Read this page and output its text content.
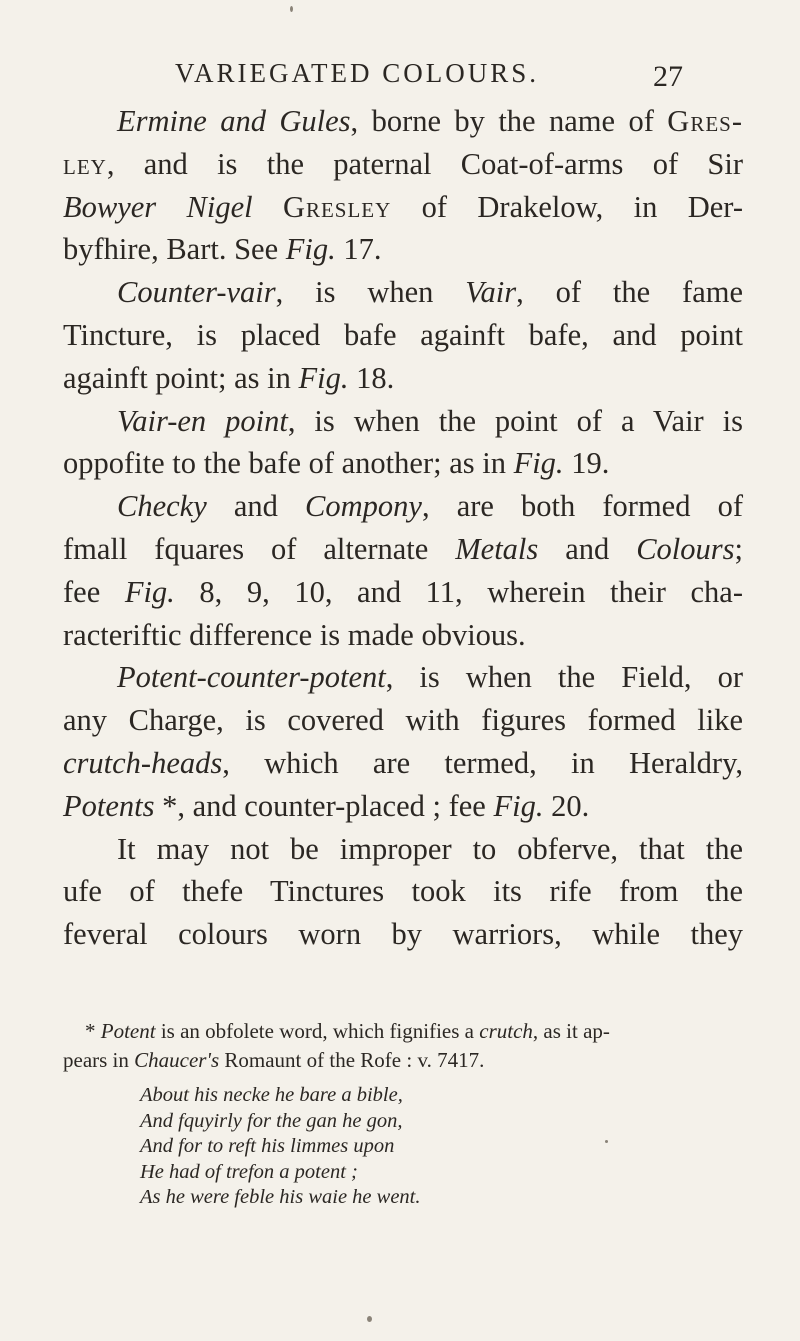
VARIEGATED COLOURS.	27
Ermine and Gules, borne by the name of Gres-
ley, and is the paternal Coat-of-arms of Sir
Bowyer Nigel Gresley of Drakelow, in Der-
byfhire, Bart. See Fig. 17.
Counter-vair, is when Vair, of the fame
Tincture, is placed bafe againft bafe, and point
againft point; as in Fig. 18.
Vair-en point, is when the point of a Vair is
oppofite to the bafe of another; as in Fig. 19.
Checky and Compony, are both formed of
fmall fquares of alternate Metals and Colours;
fee Fig. 8, 9, 10, and 11, wherein their cha-
racteriftic difference is made obvious.
Potent-counter-potent, is when the Field, or
any Charge, is covered with figures formed like
crutch-heads, which are termed, in Heraldry,
Potents *, and counter-placed ; fee Fig. 20.
It may not be improper to obferve, that the
ufe of thefe Tinctures took its rife from the
feveral colours worn by warriors, while they
* Potent is an obfolete word, which fignifies a crutch, as it ap-
pears in Chaucer's Romaunt of the Rofe : v. 7417.
About his necke he bare a bible,
And fquyirly for the gan he gon,
And for to reft his limmes upon
He had of trefon a potent ;
As he were feble his waie he went.
